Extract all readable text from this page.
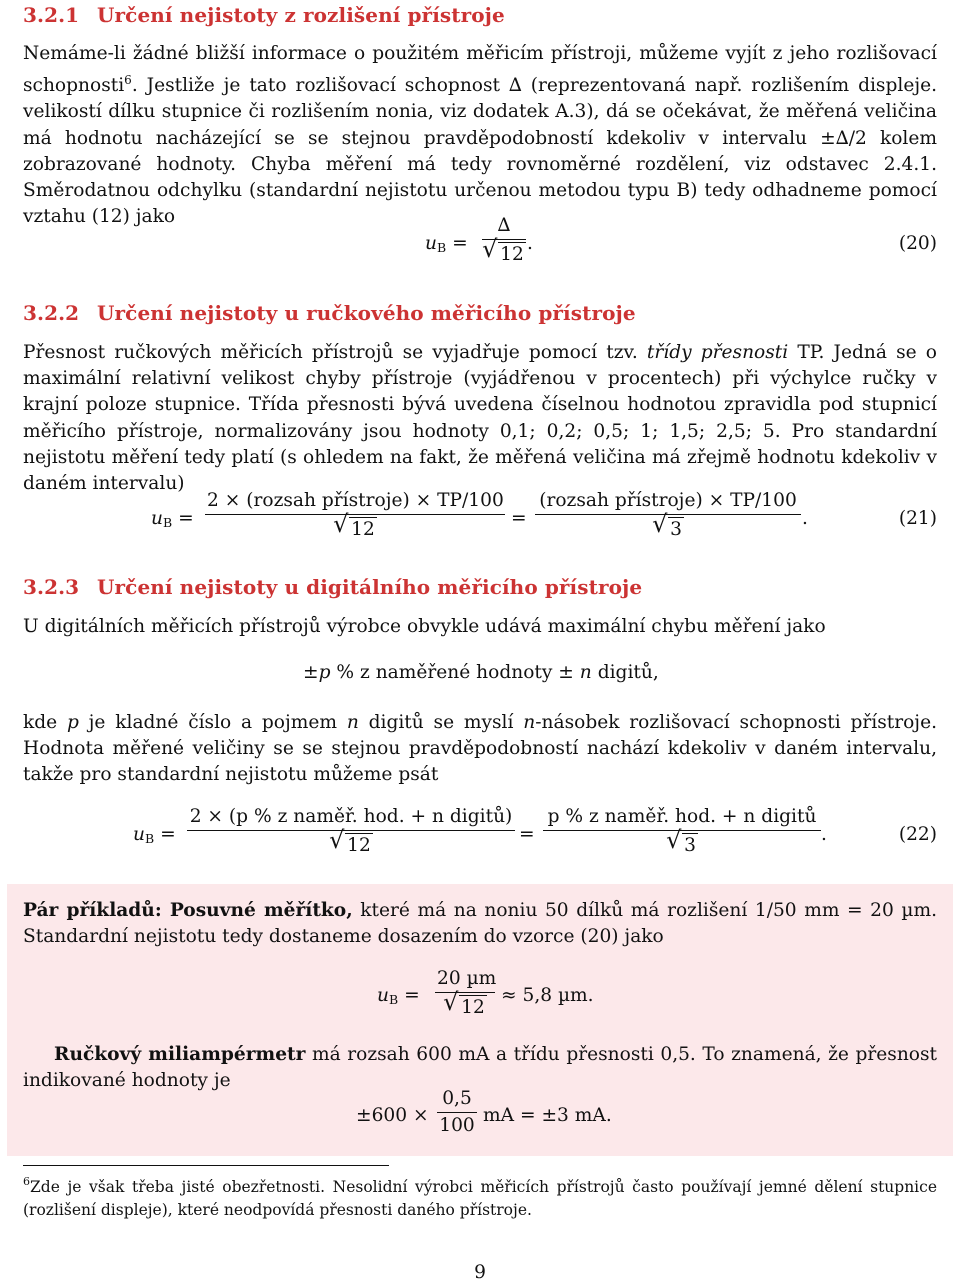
3.2.1 Určení nejistoty z rozlišení přístroje

Nemáme-li žádné bližší informace o použitém měřicím přístroji, můžeme vyjít z jeho rozlišovací schopnosti$^6$. Jestliže je tato rozlišovací schopnost ∆ (reprezentovaná např. rozlišením displeje. velikostí dílku stupnice či rozlišením nonia, viz dodatek A.3), dá se očekávat, že měřená veličina má hodnotu nacházející se se stejnou pravděpodobností kdekoliv v intervalu ±∆/2 kolem zobrazované hodnoty. Chyba měření má tedy rovnoměrné rozdělení, viz odstavec 2.4.1. Směrodatnou odchylku (standardní nejistotu určenou metodou typu B) tedy odhadneme pomocí vztahu (12) jako

$u_B$ =
∆
√ 12
.	(20)
3.2.2 Určení nejistoty u ručkového měřicího přístroje

Přesnost ručkových měřicích přístrojů se vyjadřuje pomocí tzv. třídy přesnosti TP. Jedná se o maximální relativní velikost chyby přístroje (vyjádřenou v procentech) při výchylce ručky v krajní poloze stupnice. Třída přesnosti bývá uvedena číselnou hodnotou zpravidla pod stupnicí měřicího přístroje, normalizovány jsou hodnoty 0,1; 0,2; 0,5; 1; 1,5; 2,5; 5. Pro standardní nejistotu měření tedy platí (s ohledem na fakt, že měřená veličina má zřejmě hodnotu kdekoliv v daném intervalu)

$u_B$ =
2 × (rozsah přístroje) × TP/100
√ 12
=
(rozsah přístroje) × TP/100
√ 3
.	(21)
3.2.3 Určení nejistoty u digitálního měřicího přístroje

U digitálních měřicích přístrojů výrobce obvykle udává maximální chybu měření jako

±p % z naměřené hodnoty ± n digitů,

kde p je kladné číslo a pojmem n digitů se myslí n-násobek rozlišovací schopnosti přístroje. Hodnota měřené veličiny se se stejnou pravděpodobností nachází kdekoliv v daném intervalu, takže pro standardní nejistotu můžeme psát

$u_B$ =
2 × (p % z naměř. hod. + n digitů)
√ 12
=
p % z naměř. hod. + n digitů
√ 3
.	(22)

Pár příkladů: Posuvné měřítko, které má na noniu 50 dílků má rozlišení 1/50 mm = 20 µm. Standardní nejistotu tedy dostaneme dosazením do vzorce (20) jako

$u_B$ =
20 µm
√ 12
≈ 5,8 µm.

Ručkový miliampérmetr má rozsah 600 mA a třídu přesnosti 0,5. To znamená, že přesnost indikované hodnoty je

±600 ×
0,5
100 mA = ±3 mA.

$^6$Zde je však třeba jisté obezřetnosti. Nesolidní výrobci měřicích přístrojů často používají jemné dělení stupnice (rozlišení displeje), které neodpovídá přesnosti daného přístroje.

9
